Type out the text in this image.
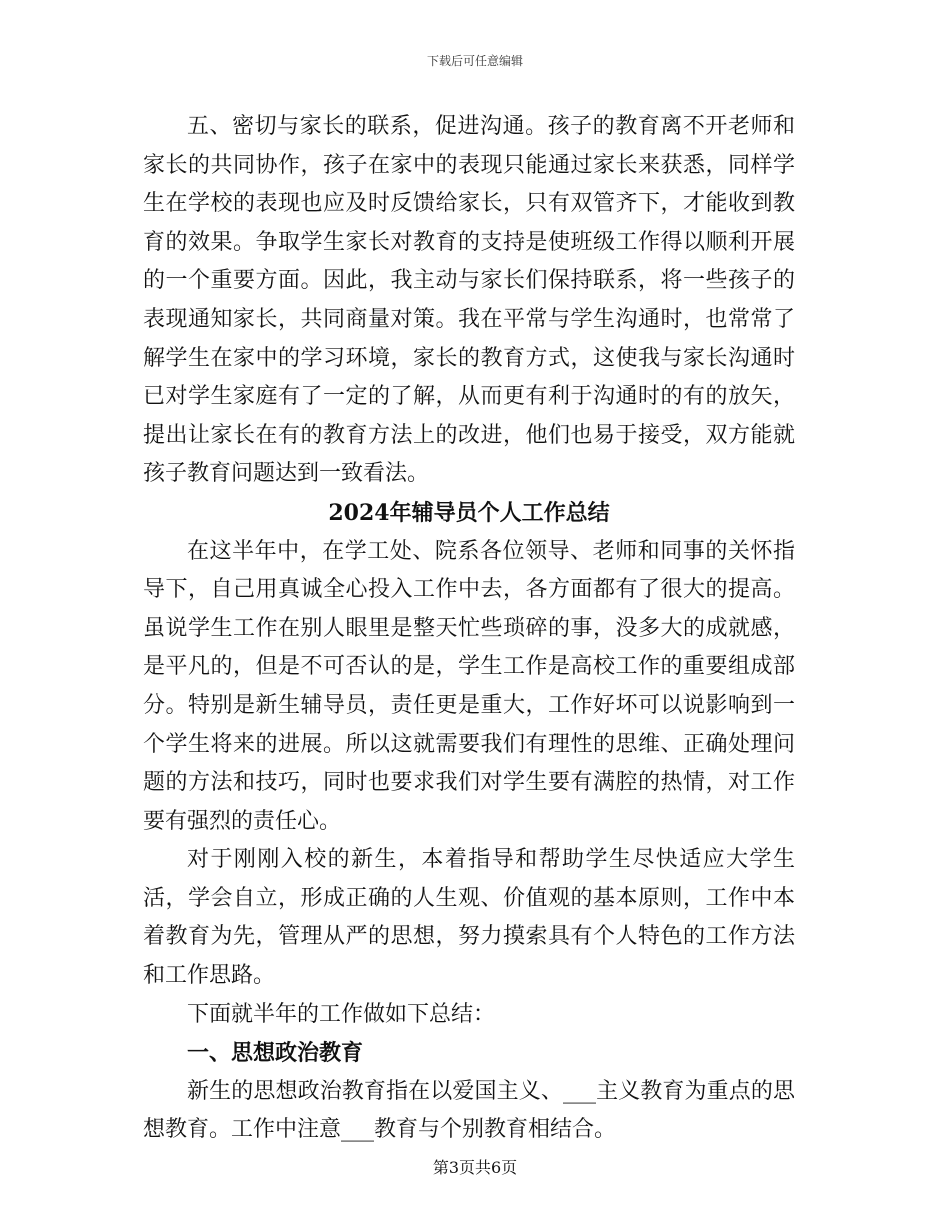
下载后可任意编辑

五、密切与家长的联系，促进沟通。孩子的教育离不开老师和家长的共同协作，孩子在家中的表现只能通过家长来获悉，同样学生在学校的表现也应及时反馈给家长，只有双管齐下，才能收到教育的效果。争取学生家长对教育的支持是使班级工作得以顺利开展的一个重要方面。因此，我主动与家长们保持联系，将一些孩子的表现通知家长，共同商量对策。我在平常与学生沟通时，也常常了解学生在家中的学习环境，家长的教育方式，这使我与家长沟通时已对学生家庭有了一定的了解，从而更有利于沟通时的有的放矢，提出让家长在有的教育方法上的改进，他们也易于接受，双方能就孩子教育问题达到一致看法。

2024年辅导员个人工作总结

在这半年中，在学工处、院系各位领导、老师和同事的关怀指导下，自己用真诚全心投入工作中去，各方面都有了很大的提高。虽说学生工作在别人眼里是整天忙些琐碎的事，没多大的成就感，是平凡的，但是不可否认的是，学生工作是高校工作的重要组成部分。特别是新生辅导员，责任更是重大，工作好坏可以说影响到一个学生将来的进展。所以这就需要我们有理性的思维、正确处理问题的方法和技巧，同时也要求我们对学生要有满腔的热情，对工作要有强烈的责任心。

对于刚刚入校的新生，本着指导和帮助学生尽快适应大学生活，学会自立，形成正确的人生观、价值观的基本原则，工作中本着教育为先，管理从严的思想，努力摸索具有个人特色的工作方法和工作思路。

下面就半年的工作做如下总结：

一、思想政治教育

新生的思想政治教育指在以爱国主义、___主义教育为重点的思想教育。工作中注意___教育与个别教育相结合。

第3页共6页
